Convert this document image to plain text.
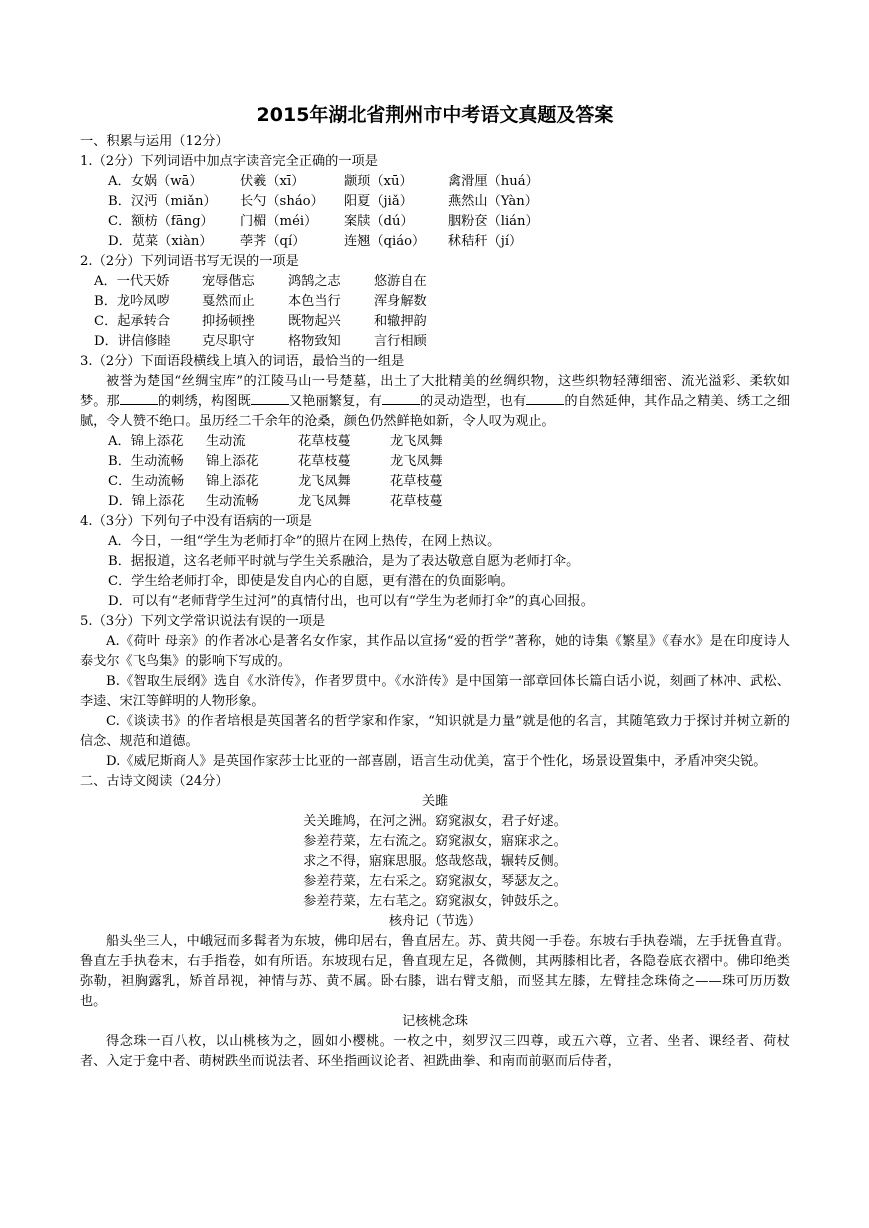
2015年湖北省荆州市中考语文真题及答案

一、积累与运用（12分）

1.（2分）下列词语中加点字读音完全正确的一项是

A．女娲（wā）	伏羲（xī）	颛顼（xū）	禽滑厘（huá）
B．汉沔（miǎn）	长勺（sháo）	阳夏（jiǎ）	燕然山（Yàn）
C．额枋（fāng）	门楣（méi）	案牍（dú）	胭粉奁（lián）
D．苋菜（xiàn）	荸荠（qí）	连翘（qiáo）	秫秸秆（jí）

2.（2分）下列词语书写无误的一项是

A．一代天娇	宠辱偕忘	鸿鹄之志	悠游自在
B．龙吟凤哕	戛然而止	本色当行	浑身解数
C．起承转合	抑扬顿挫	既物起兴	和辙押韵
D．讲信修睦	克尽职守	格物致知	言行相顾

3.（2分）下面语段横线上填入的词语，最恰当的一组是

被誉为楚国“丝绸宝库”的江陵马山一号楚墓，出土了大批精美的丝绸织物，这些织物轻薄细密、流光溢彩、柔软如梦。那	的刺绣，构图既	又艳丽繁复，有	的灵动造型，也有	的自然延伸，其作品之精美、绣工之细腻，令人赞不绝口。虽历经二千余年的沧桑，颜色仍然鲜艳如新，令人叹为观止。

A．锦上添花	生动流	花草枝蔓	龙飞凤舞
B．生动流畅	锦上添花	花草枝蔓	龙飞凤舞
C．生动流畅	锦上添花	龙飞凤舞	花草枝蔓
D．锦上添花	生动流畅	龙飞凤舞	花草枝蔓

4.（3分）下列句子中没有语病的一项是

A．今日，一组“学生为老师打伞”的照片在网上热传，在网上热议。

B．据报道，这名老师平时就与学生关系融洽，是为了表达敬意自愿为老师打伞。

C．学生给老师打伞，即使是发自内心的自愿，更有潜在的负面影响。

D．可以有“老师背学生过河”的真情付出，也可以有“学生为老师打伞”的真心回报。

5.（3分）下列文学常识说法有误的一项是

A.《荷叶 母亲》的作者冰心是著名女作家，其作品以宣扬“爱的哲学”著称，她的诗集《繁星》《春水》是在印度诗人泰戈尔《飞鸟集》的影响下写成的。

B.《智取生辰纲》选自《水浒传》，作者罗贯中。《水浒传》是中国第一部章回体长篇白话小说，刻画了林冲、武松、李逵、宋江等鲜明的人物形象。

C.《谈读书》的作者培根是英国著名的哲学家和作家，“知识就是力量”就是他的名言，其随笔致力于探讨并树立新的信念、规范和道德。

D.《威尼斯商人》是英国作家莎士比亚的一部喜剧，语言生动优美，富于个性化，场景设置集中，矛盾冲突尖锐。

二、古诗文阅读（24分）

关雎

关关雎鸠，在河之洲。窈窕淑女，君子好逑。

参差荇菜，左右流之。窈窕淑女，寤寐求之。

求之不得，寤寐思服。悠哉悠哉，辗转反侧。

参差荇菜，左右采之。窈窕淑女，琴瑟友之。

参差荇菜，左右芼之。窈窕淑女，钟鼓乐之。

核舟记（节选）

船头坐三人，中峨冠而多髯者为东坡，佛印居右，鲁直居左。苏、黄共阅一手卷。东坡右手执卷端，左手抚鲁直背。鲁直左手执卷末，右手指卷，如有所语。东坡现右足，鲁直现左足，各微侧，其两膝相比者，各隐卷底衣褶中。佛印绝类弥勒，袒胸露乳，矫首昂视，神情与苏、黄不属。卧右膝，诎右臂支船，而竖其左膝，左臂挂念珠倚之——珠可历历数也。

记核桃念珠

得念珠一百八枚，以山桃核为之，圆如小樱桃。一枚之中，刻罗汉三四尊，或五六尊，立者、坐者、课经者、荷杖者、入定于龛中者、萌树跌坐而说法者、环坐指画议论者、袒跣曲拳、和南而前驱而后侍者，
